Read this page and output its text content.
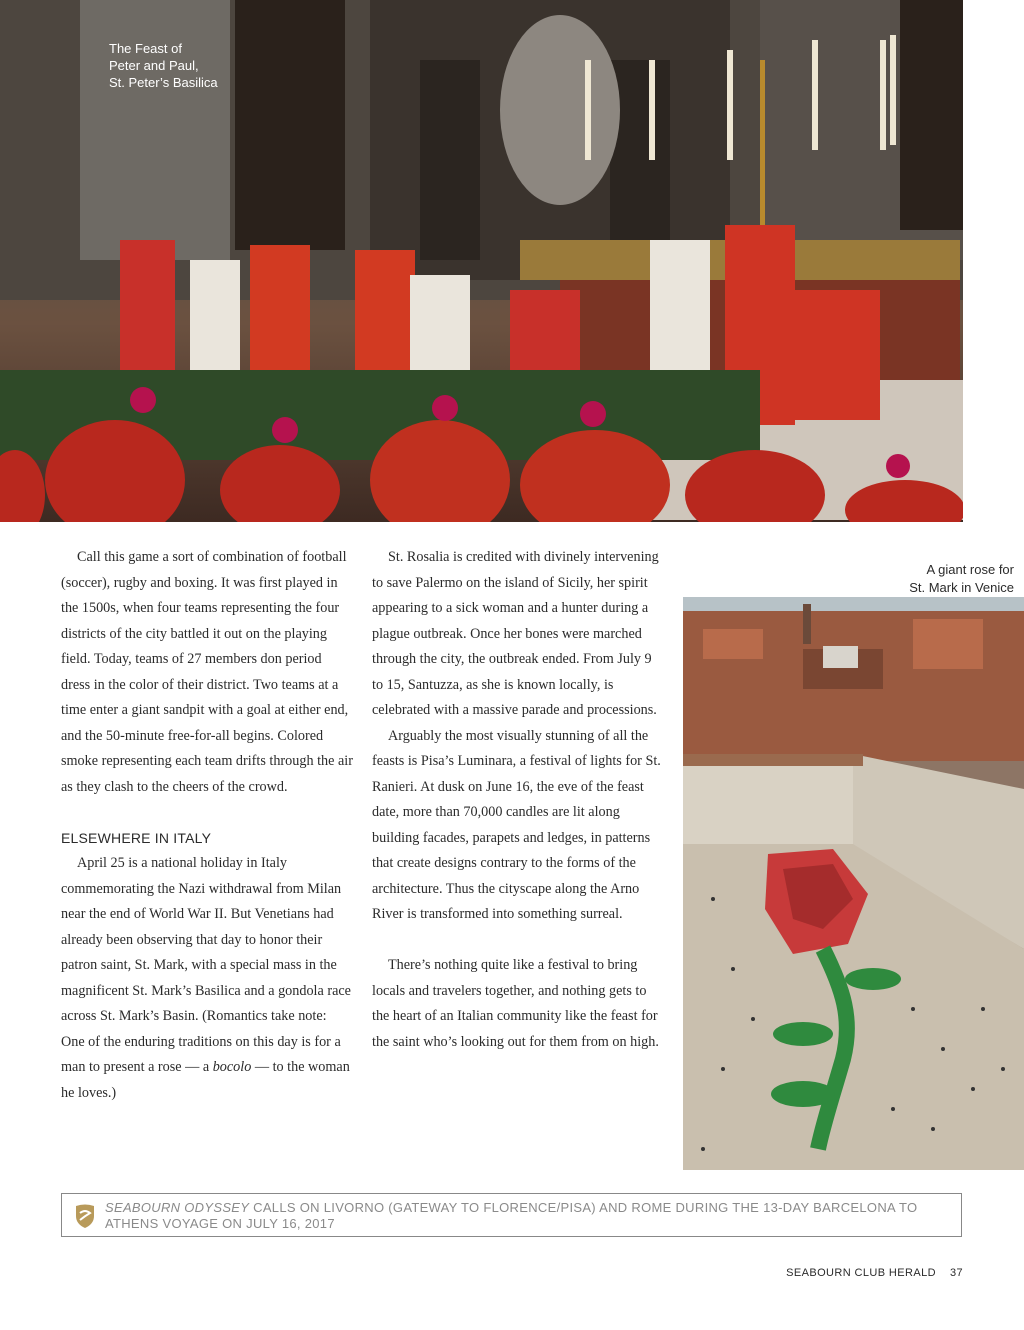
The Feast of
Peter and Paul,
St. Peter’s Basilica

Call this game a sort of combination of football (soccer), rugby and boxing. It was first played in the 1500s, when four teams representing the four districts of the city battled it out on the playing field. Today, teams of 27 members don period dress in the color of their district. Two teams at a time enter a giant sandpit with a goal at either end, and the 50-minute free-for-all begins. Colored smoke representing each team drifts through the air as they clash to the cheers of the crowd.

ELSEWHERE IN ITALY

April 25 is a national holiday in Italy commemorating the Nazi withdrawal from Milan near the end of World War II. But Venetians had already been observing that day to honor their patron saint, St. Mark, with a special mass in the magnificent St. Mark’s Basilica and a gondola race across St. Mark’s Basin. (Romantics take note: One of the enduring traditions on this day is for a man to present a rose — a bocolo — to the woman he loves.)

St. Rosalia is credited with divinely intervening to save Palermo on the island of Sicily, her spirit appearing to a sick woman and a hunter during a plague outbreak. Once her bones were marched through the city, the outbreak ended. From July 9 to 15, Santuzza, as she is known locally, is celebrated with a massive parade and processions.

Arguably the most visually stunning of all the feasts is Pisa’s Luminara, a festival of lights for St. Ranieri. At dusk on June 16, the eve of the feast date, more than 70,000 candles are lit along building facades, parapets and ledges, in patterns that create designs contrary to the forms of the architecture. Thus the cityscape along the Arno River is transformed into something surreal.

There’s nothing quite like a festival to bring locals and travelers together, and nothing gets to the heart of an Italian community like the feast for the saint who’s looking out for them from on high.

A giant rose for
St. Mark in Venice
SEABOURN ODYSSEY CALLS ON LIVORNO (GATEWAY TO FLORENCE/PISA) AND ROME DURING THE 13-DAY BARCELONA TO ATHENS VOYAGE ON JULY 16, 2017
SEABOURN CLUB HERALD 37
